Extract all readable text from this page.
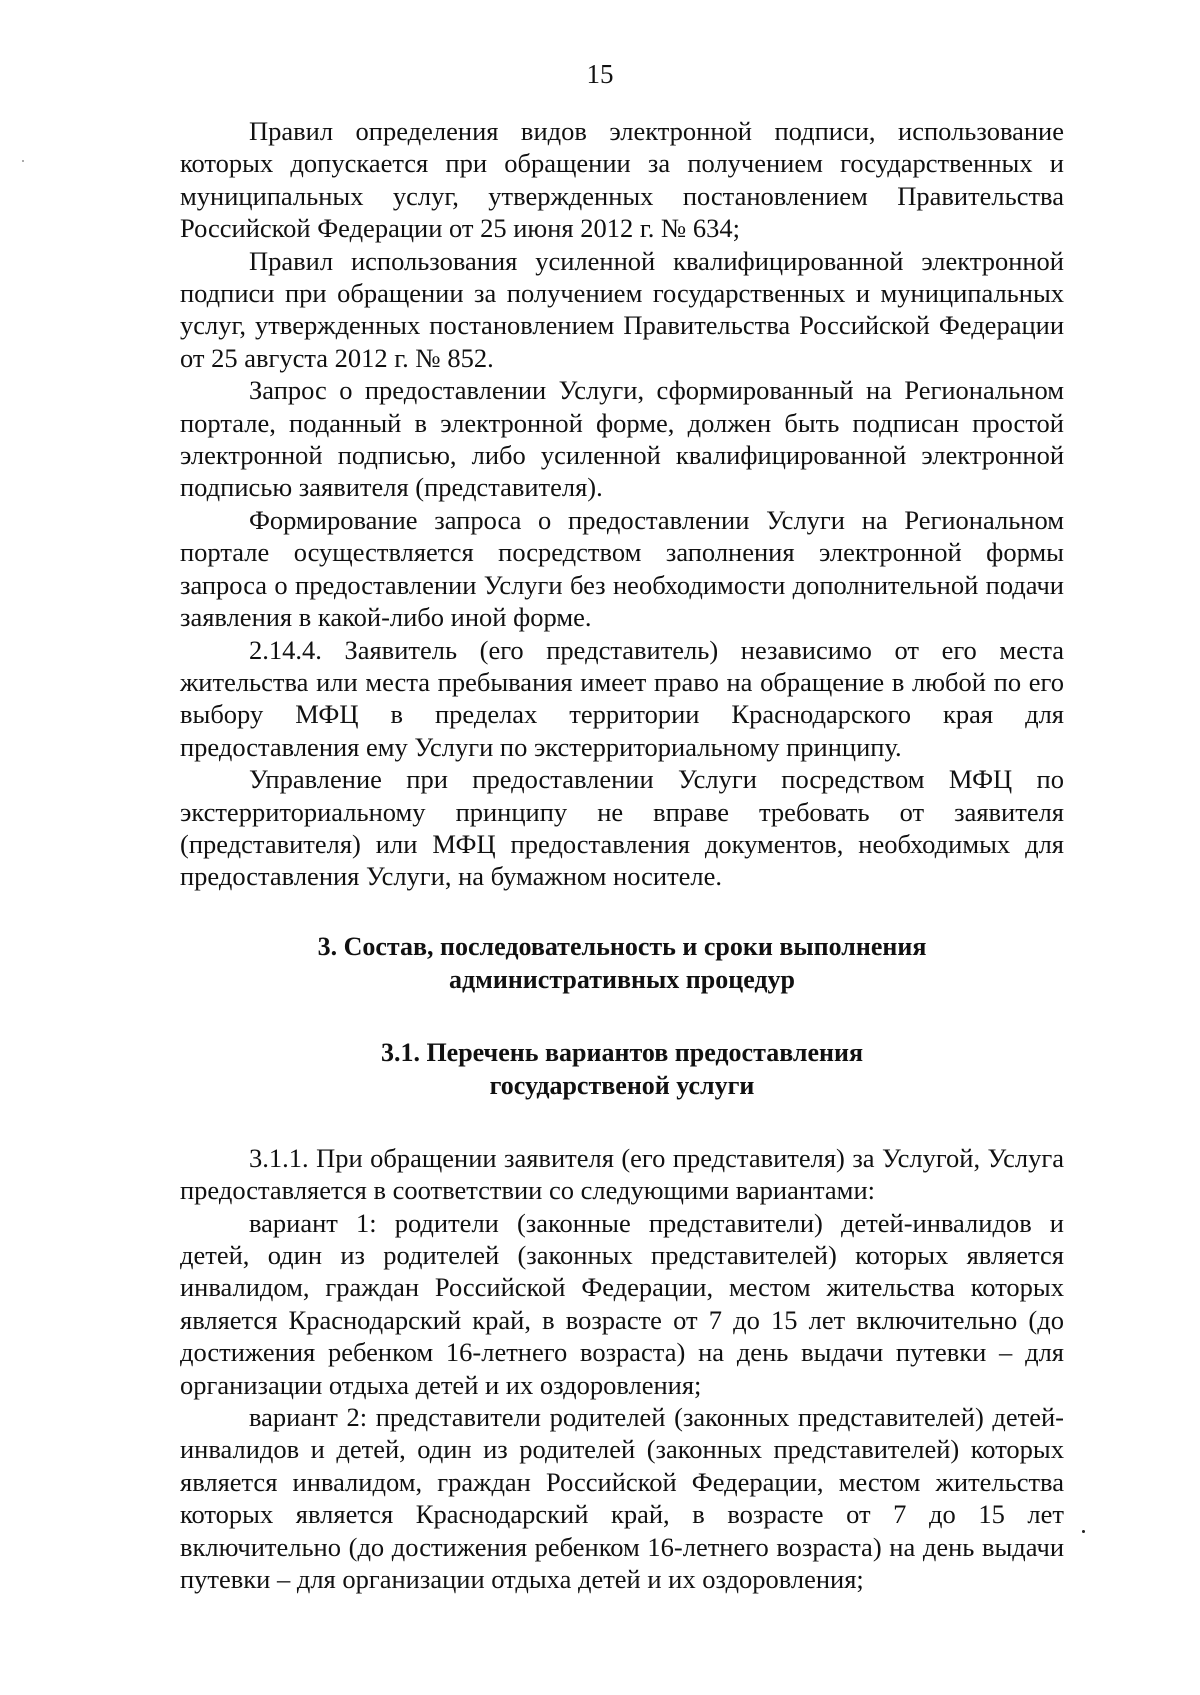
15

Правил определения видов электронной подписи, использование которых допускается при обращении за получением государственных и муниципальных услуг, утвержденных постановлением Правительства Российской Федерации от 25 июня 2012 г. № 634;

Правил использования усиленной квалифицированной электронной подписи при обращении за получением государственных и муниципальных услуг, утвержденных постановлением Правительства Российской Федерации от 25 августа 2012 г. № 852.

Запрос о предоставлении Услуги, сформированный на Региональном портале, поданный в электронной форме, должен быть подписан простой электронной подписью, либо усиленной квалифицированной электронной подписью заявителя (представителя).

Формирование запроса о предоставлении Услуги на Региональном портале осуществляется посредством заполнения электронной формы запроса о предоставлении Услуги без необходимости дополнительной подачи заявления в какой-либо иной форме.

2.14.4. Заявитель (его представитель) независимо от его места жительства или места пребывания имеет право на обращение в любой по его выбору МФЦ в пределах территории Краснодарского края для предоставления ему Услуги по экстерриториальному принципу.

Управление при предоставлении Услуги посредством МФЦ по экстерриториальному принципу не вправе требовать от заявителя (представителя) или МФЦ предоставления документов, необходимых для предоставления Услуги, на бумажном носителе.

3. Состав, последовательность и сроки выполнения
административных процедур
3.1. Перечень вариантов предоставления
государственой услуги

3.1.1. При обращении заявителя (его представителя) за Услугой, Услуга предоставляется в соответствии со следующими вариантами:

вариант 1: родители (законные представители) детей-инвалидов и детей, один из родителей (законных представителей) которых является инвалидом, граждан Российской Федерации, местом жительства которых является Краснодарский край, в возрасте от 7 до 15 лет включительно (до достижения ребенком 16-летнего возраста) на день выдачи путевки – для организации отдыха детей и их оздоровления;

вариант 2: представители родителей (законных представителей) детей-инвалидов и детей, один из родителей (законных представителей) которых является инвалидом, граждан Российской Федерации, местом жительства которых является Краснодарский край, в возрасте от 7 до 15 лет включительно (до достижения ребенком 16-летнего возраста) на день выдачи путевки – для организации отдыха детей и их оздоровления;
